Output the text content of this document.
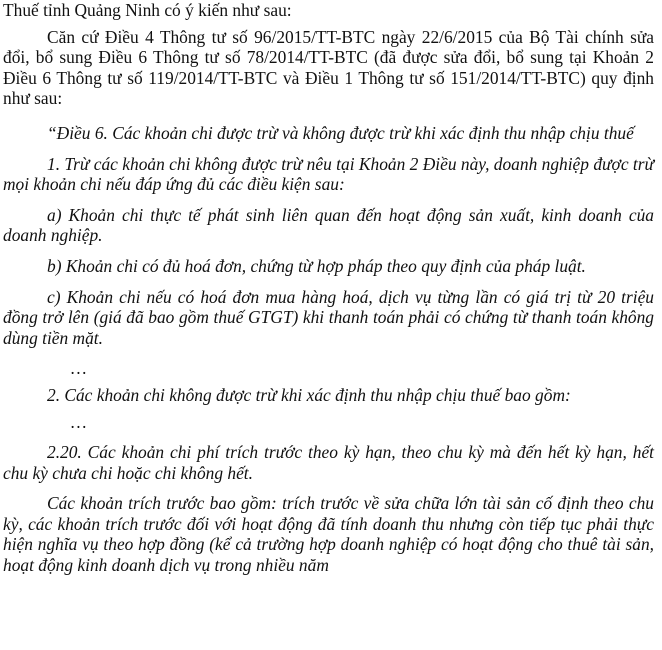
Thuế tỉnh Quảng Ninh có ý kiến như sau:

Căn cứ Điều 4 Thông tư số 96/2015/TT-BTC ngày 22/6/2015 của Bộ Tài chính sửa đổi, bổ sung Điều 6 Thông tư số 78/2014/TT-BTC (đã được sửa đổi, bổ sung tại Khoản 2 Điều 6 Thông tư số 119/2014/TT-BTC và Điều 1 Thông tư số 151/2014/TT-BTC) quy định như sau:

“Điều 6. Các khoản chi được trừ và không được trừ khi xác định thu nhập chịu thuế

1. Trừ các khoản chi không được trừ nêu tại Khoản 2 Điều này, doanh nghiệp được trừ mọi khoản chi nếu đáp ứng đủ các điều kiện sau:

a) Khoản chi thực tế phát sinh liên quan đến hoạt động sản xuất, kinh doanh của doanh nghiệp.

b) Khoản chi có đủ hoá đơn, chứng từ hợp pháp theo quy định của pháp luật.

c) Khoản chi nếu có hoá đơn mua hàng hoá, dịch vụ từng lần có giá trị từ 20 triệu đồng trở lên (giá đã bao gồm thuế GTGT) khi thanh toán phải có chứng từ thanh toán không dùng tiền mặt.

…

2. Các khoản chi không được trừ khi xác định thu nhập chịu thuế bao gồm:

…

2.20. Các khoản chi phí trích trước theo kỳ hạn, theo chu kỳ mà đến hết kỳ hạn, hết chu kỳ chưa chi hoặc chi không hết.

Các khoản trích trước bao gồm: trích trước về sửa chữa lớn tài sản cố định theo chu kỳ, các khoản trích trước đối với hoạt động đã tính doanh thu nhưng còn tiếp tục phải thực hiện nghĩa vụ theo hợp đồng (kể cả trường hợp doanh nghiệp có hoạt động cho thuê tài sản, hoạt động kinh doanh dịch vụ trong nhiều năm
